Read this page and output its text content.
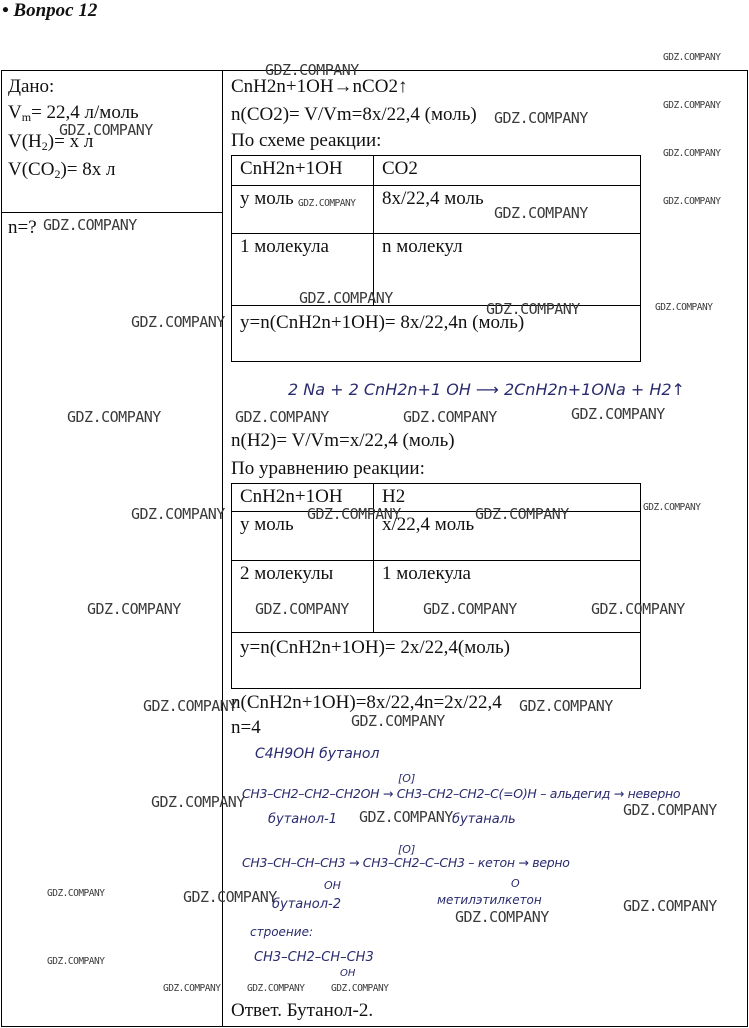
• Вопрос 12
Дано:
$V_m= 22,4$ л/моль
$V(H_2)= x$ л
$V(CO_2)= 8x$ л
n=?
CnH2n+1OH→nCO2↑
n(CO2)= V/Vm=8x/22,4 (моль)
По схеме реакции:
CnH2n+1OH	CO2
y моль	8x/22,4 моль
1 молекула	n молекул
y=n(CnH2n+1OH)= 8x/22,4n (моль)	
2 Na + 2 CnH2n+1 OH ⟶ 2CnH2n+1ONa + H2↑
n(H2)= V/Vm=x/22,4 (моль)
По уравнению реакции:
CnH2n+1OH	H2
y моль	x/22,4 моль
2 молекулы	1 молекула
y=n(CnH2n+1OH)= 2x/22,4(моль)	
n(CnH2n+1OH)=8x/22,4n=2x/22,4
n=4
C4H9OH бутанол
[O]
CH3–CH2–CH2–CH2OH → CH3–CH2–CH2–C(=O)H – альдегид → неверно
бутанол-1	бутаналь
[O]
CH3–CH–CH–CH3 → CH3–CH2–C–CH3 – кетон → верно
OH	O
бутанол-2	метилэтилкетон
строение:
CH3–CH2–CH–CH3
OH
Ответ. Бутанол-2.
GDZ.COMPANY
GDZ.COMPANY
GDZ.COMPANY
GDZ.COMPANY
GDZ.COMPANY
GDZ.COMPANY
GDZ.COMPANY
GDZ.COMPANY
GDZ.COMPANY
GDZ.COMPANY
GDZ.COMPANY
GDZ.COMPANY	GDZ.COMPANY
GDZ.COMPANY
GDZ.COMPANY
GDZ.COMPANY	GDZ.COMPANY	GDZ.COMPANY
GDZ.COMPANY
GDZ.COMPANY	GDZ.COMPANY	GDZ.COMPANY
GDZ.COMPANY	GDZ.COMPANY	GDZ.COMPANY	GDZ.COMPANY
GDZ.COMPANY	GDZ.COMPANY
GDZ.COMPANY
GDZ.COMPANY	GDZ.COMPANY
GDZ.COMPANY
GDZ.COMPANY	GDZ.COMPANY	GDZ.COMPANY
GDZ.COMPANY
GDZ.COMPANY
GDZ.COMPANY	GDZ.COMPANY	GDZ.COMPANY
